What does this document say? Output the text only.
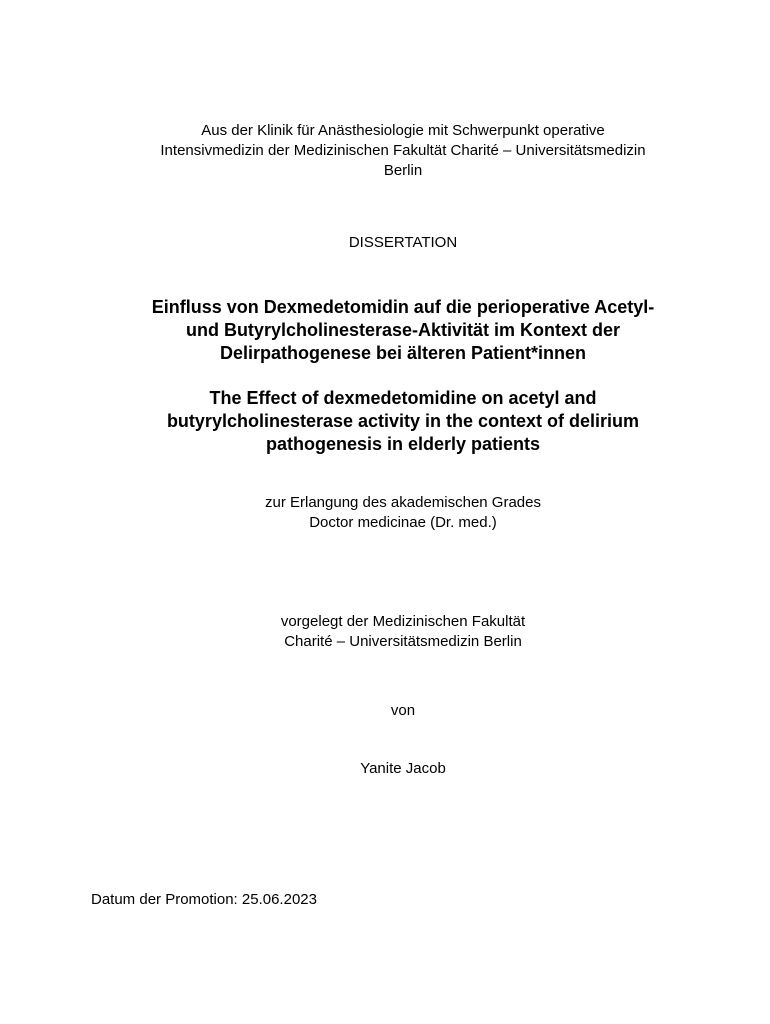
Aus der Klinik für Anästhesiologie mit Schwerpunkt operative
Intensivmedizin der Medizinischen Fakultät Charité – Universitätsmedizin
Berlin
DISSERTATION
Einfluss von Dexmedetomidin auf die perioperative Acetyl-
und Butyrylcholinesterase-Aktivität im Kontext der
Delirpathogenese bei älteren Patient*innen
The Effect of dexmedetomidine on acetyl and
butyrylcholinesterase activity in the context of delirium
pathogenesis in elderly patients
zur Erlangung des akademischen Grades
Doctor medicinae (Dr. med.)
vorgelegt der Medizinischen Fakultät
Charité – Universitätsmedizin Berlin
von
Yanite Jacob
Datum der Promotion: 25.06.2023
